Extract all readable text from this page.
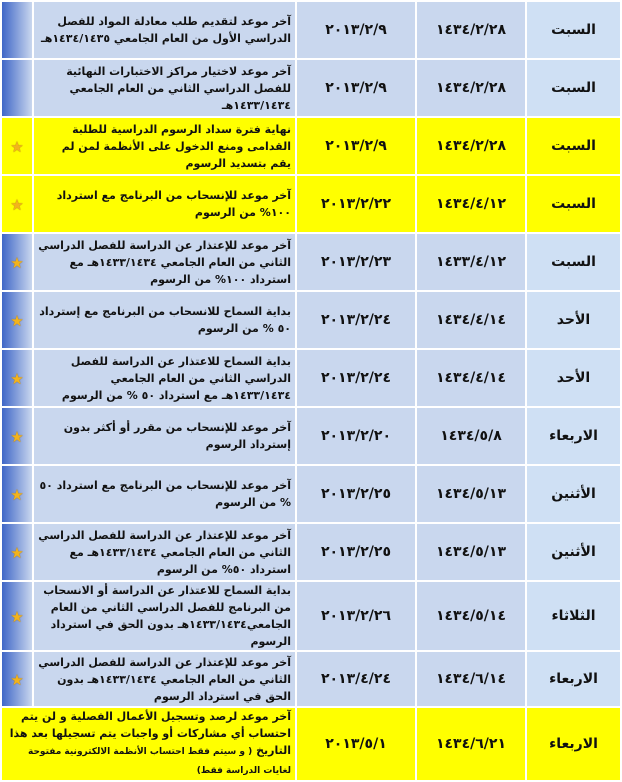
السبت	١٤٣٤/٢/٢٨	٢٠١٣/٢/٩	آخر موعد لتقديم طلب معادلة المواد للفصل الدراسي الأول من العام الجامعي ١٤٣٤/١٤٣٥هـ	
السبت	١٤٣٤/٢/٢٨	٢٠١٣/٢/٩	آخر موعد لاختيار مراكز الاختبارات النهائية للفصل الدراسي الثاني من العام الجامعي ١٤٣٣/١٤٣٤هـ	
السبت	١٤٣٤/٢/٢٨	٢٠١٣/٢/٩	نهاية فترة سداد الرسوم الدراسية للطلبة القدامى ومنع الدخول على الأنظمة لمن لم يقم بتسديد الرسوم	★
السبت	١٤٣٤/٤/١٢	٢٠١٣/٢/٢٢	آخر موعد للإنسحاب من البرنامج مع استرداد ١٠٠% من الرسوم	★
السبت	١٤٣٣/٤/١٢	٢٠١٣/٢/٢٣	آخر موعد للإعتذار عن الدراسة للفصل الدراسي الثاني من العام الجامعي ١٤٣٣/١٤٣٤هـ مع استرداد ١٠٠% من الرسوم	★
الأحد	١٤٣٤/٤/١٤	٢٠١٣/٢/٢٤	بداية السماح للانسحاب من البرنامج مع إسترداد ٥٠ % من الرسوم	★
الأحد	١٤٣٤/٤/١٤	٢٠١٣/٢/٢٤	بداية السماح للاعتذار عن الدراسة للفصل الدراسي الثاني من العام الجامعي ١٤٣٣/١٤٣٤هـ مع استرداد ٥٠ % من الرسوم	★
الاربعاء	١٤٣٤/٥/٨	٢٠١٣/٢/٢٠	آخر موعد للإنسحاب من مقرر أو أكثر بدون إسترداد الرسوم	★
الأثنين	١٤٣٤/٥/١٣	٢٠١٣/٢/٢٥	آخر موعد للإنسحاب من البرنامج مع استرداد ٥٠ % من الرسوم	★
الأثنين	١٤٣٤/٥/١٣	٢٠١٣/٢/٢٥	آخر موعد للإعتذار عن الدراسة للفصل الدراسي الثاني من العام الجامعي ١٤٣٣/١٤٣٤هـ مع استرداد ٥٠% من الرسوم	★
الثلاثاء	١٤٣٤/٥/١٤	٢٠١٣/٢/٢٦	بداية السماح للاعتذار عن الدراسة أو الانسحاب من البرنامج للفصل الدراسي الثاني من العام الجامعي١٤٣٣/١٤٣٤هـ بدون الحق في استرداد الرسوم	★
الاربعاء	١٤٣٤/٦/١٤	٢٠١٣/٤/٢٤	آخر موعد للإعتذار عن الدراسة للفصل الدراسي الثاني من العام الجامعي ١٤٣٣/١٤٣٤هـ بدون الحق في استرداد الرسوم	★
الاربعاء	١٤٣٤/٦/٢١	٢٠١٣/٥/١	آخر موعد لرصد وتسجيل الأعمال الفصلية و لن يتم احتساب أي مشاركات أو واجبات يتم تسجيلها بعد هذا التاريخ ( و سيتم فقط احتساب الأنظمة الالكترونية مفتوحة لغايات الدراسة فقط)	
